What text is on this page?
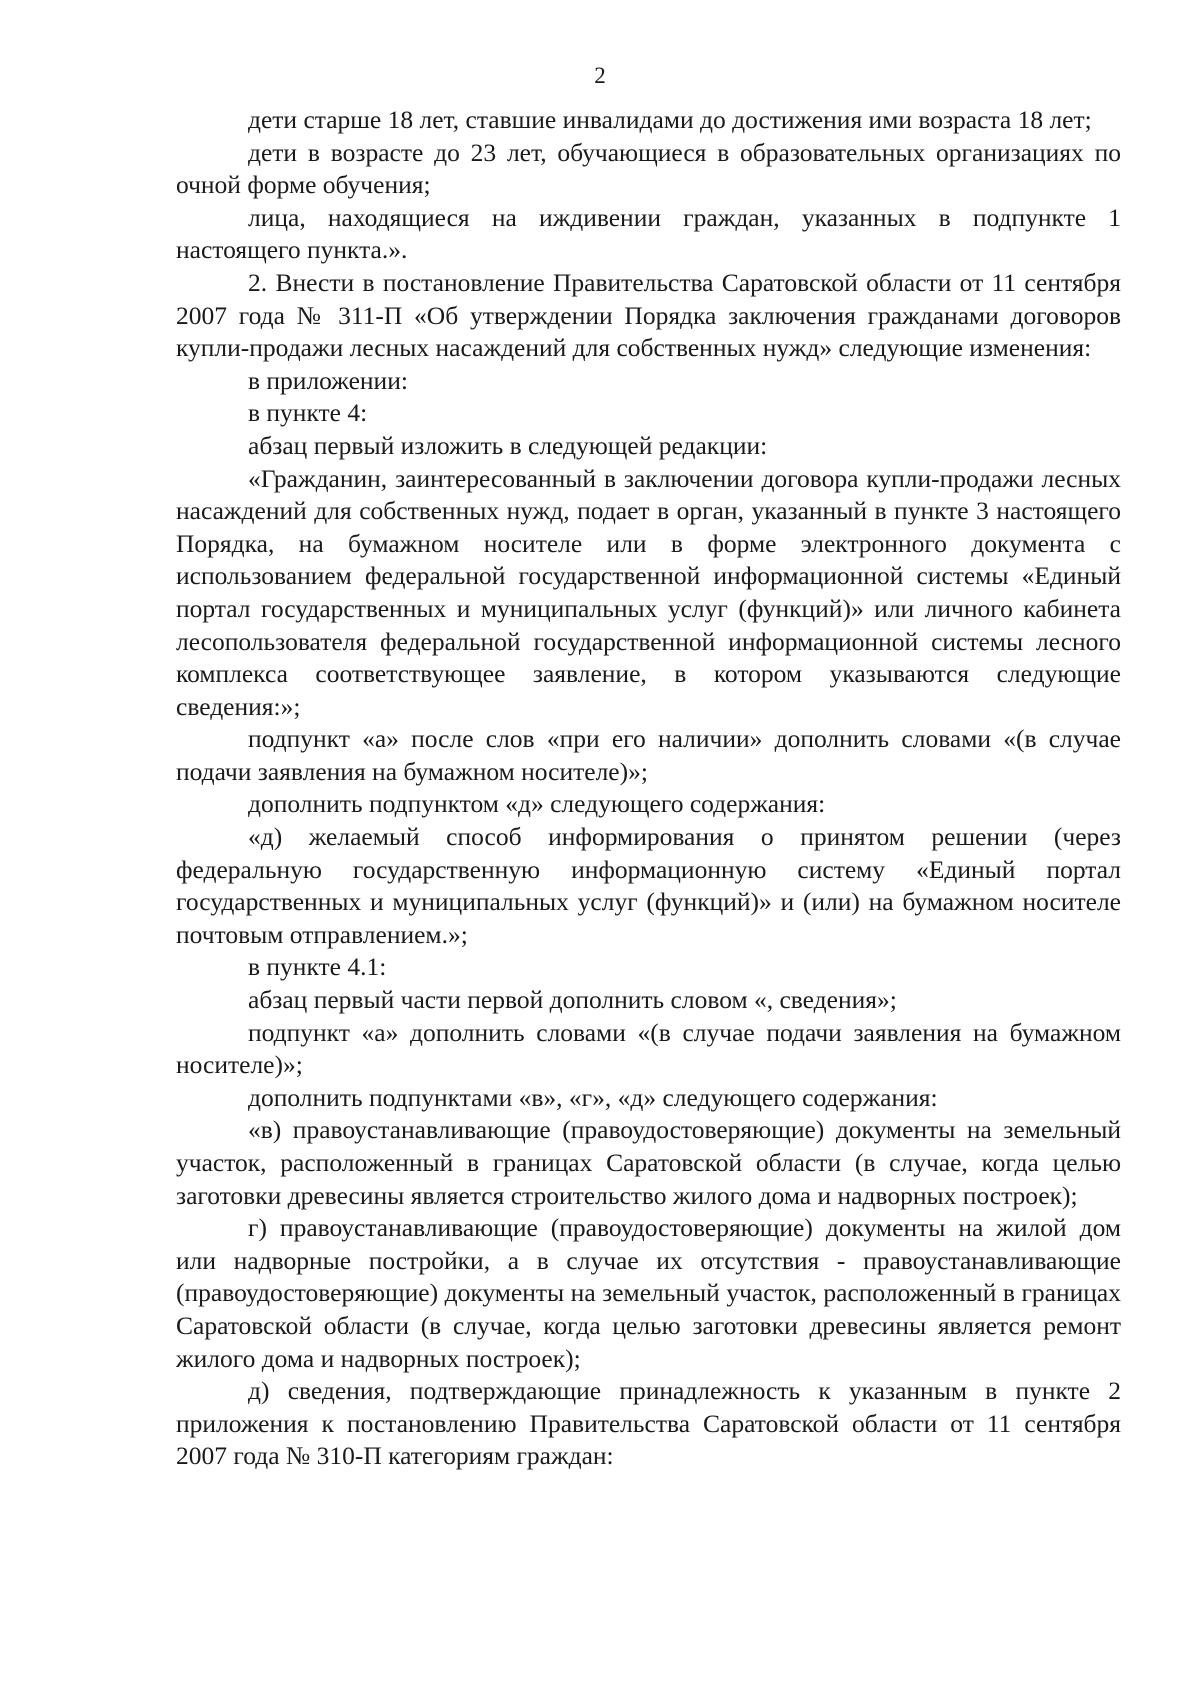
2

дети старше 18 лет, ставшие инвалидами до достижения ими возраста 18 лет;

дети в возрасте до 23 лет, обучающиеся в образовательных организациях по очной форме обучения;

лица, находящиеся на иждивении граждан, указанных в подпункте 1 настоящего пункта.».

2. Внести в постановление Правительства Саратовской области от 11 сентября 2007 года № 311-П «Об утверждении Порядка заключения гражданами договоров купли-продажи лесных насаждений для собственных нужд» следующие изменения:

в приложении:

в пункте 4:

абзац первый изложить в следующей редакции:

«Гражданин, заинтересованный в заключении договора купли-продажи лесных насаждений для собственных нужд, подает в орган, указанный в пункте 3 настоящего Порядка, на бумажном носителе или в форме электронного документа с использованием федеральной государственной информационной системы «Единый портал государственных и муниципальных услуг (функций)» или личного кабинета лесопользователя федеральной государственной информационной системы лесного комплекса соответствующее заявление, в котором указываются следующие сведения:»;

подпункт «а» после слов «при его наличии» дополнить словами «(в случае подачи заявления на бумажном носителе)»;

дополнить подпунктом «д» следующего содержания:

«д) желаемый способ информирования о принятом решении (через федеральную государственную информационную систему «Единый портал государственных и муниципальных услуг (функций)» и (или) на бумажном носителе почтовым отправлением.»;

в пункте 4.1:

абзац первый части первой дополнить словом «, сведения»;

подпункт «а» дополнить словами «(в случае подачи заявления на бумажном носителе)»;

дополнить подпунктами «в», «г», «д» следующего содержания:

«в) правоустанавливающие (правоудостоверяющие) документы на земельный участок, расположенный в границах Саратовской области (в случае, когда целью заготовки древесины является строительство жилого дома и надворных построек);

г) правоустанавливающие (правоудостоверяющие) документы на жилой дом или надворные постройки, а в случае их отсутствия - правоустанавливающие (правоудостоверяющие) документы на земельный участок, расположенный в границах Саратовской области (в случае, когда целью заготовки древесины является ремонт жилого дома и надворных построек);

д) сведения, подтверждающие принадлежность к указанным в пункте 2 приложения к постановлению Правительства Саратовской области от 11 сентября 2007 года № 310-П категориям граждан:
